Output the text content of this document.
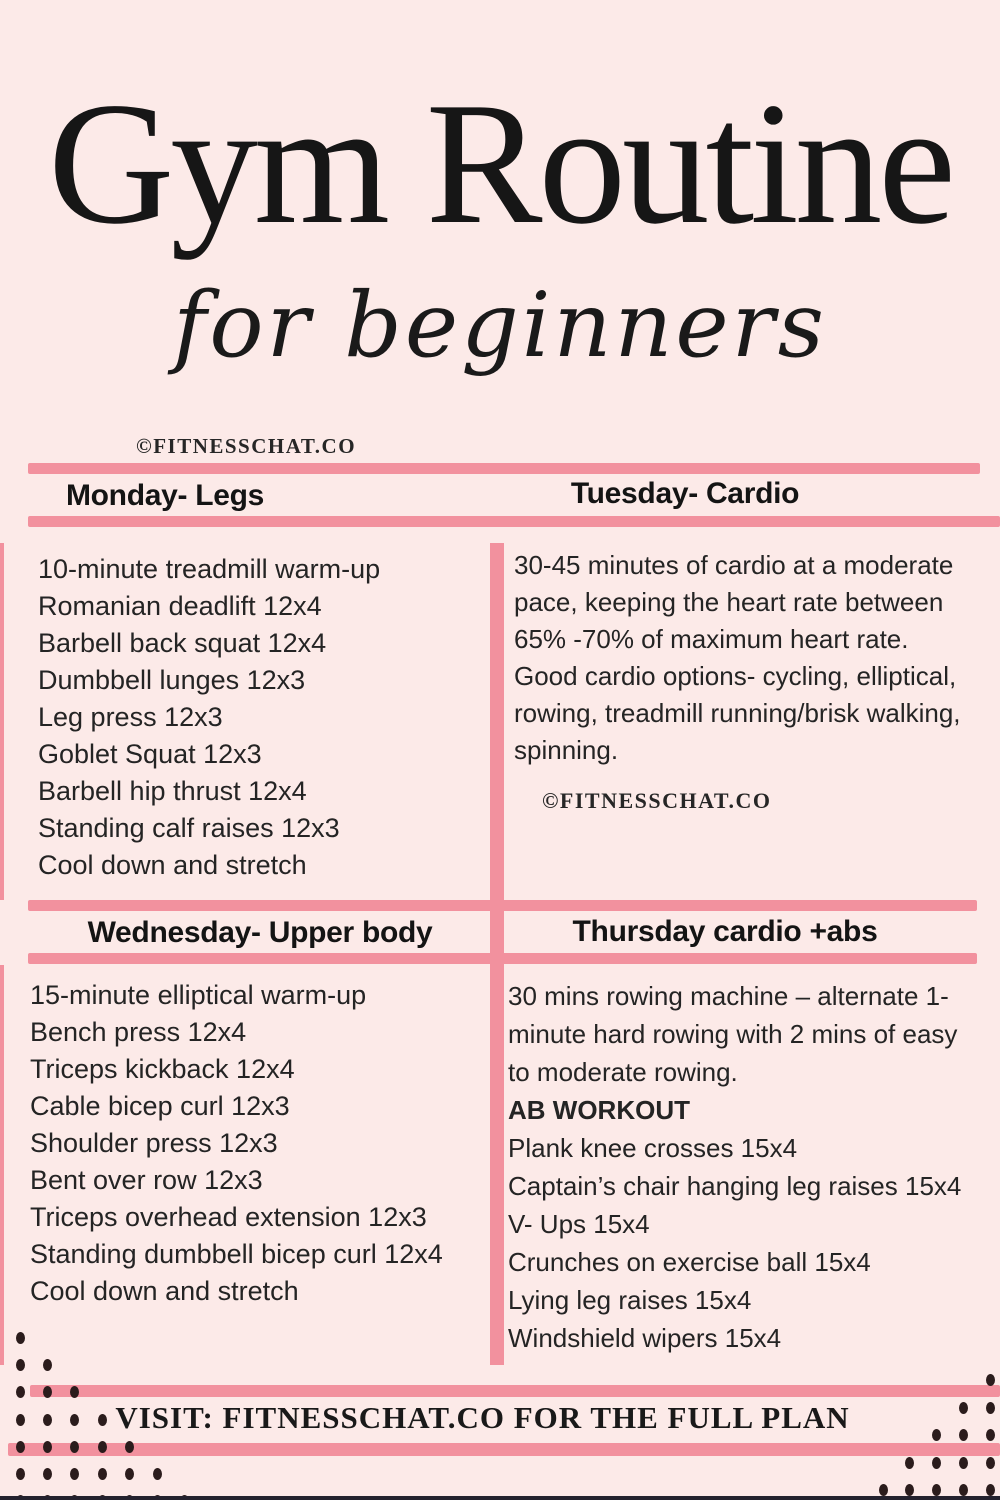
Gym Routine
for beginners
©FITNESSCHAT.CO
Monday- Legs	Tuesday- Cardio
10-minute treadmill warm-up
Romanian deadlift 12x4
Barbell back squat 12x4
Dumbbell lunges 12x3
Leg press 12x3
Goblet Squat 12x3
Barbell hip thrust 12x4
Standing calf raises 12x3
Cool down and stretch
30-45 minutes of cardio at a moderate pace, keeping the heart rate between 65% -70% of maximum heart rate.
Good cardio options- cycling, elliptical, rowing, treadmill running/brisk walking, spinning.
©FITNESSCHAT.CO
Wednesday- Upper body	Thursday cardio +abs
15-minute elliptical warm-up
Bench press 12x4
Triceps kickback 12x4
Cable bicep curl 12x3
Shoulder press 12x3
Bent over row 12x3
Triceps overhead extension 12x3
Standing dumbbell bicep curl 12x4
Cool down and stretch
30 mins rowing machine – alternate 1-minute hard rowing with 2 mins of easy to moderate rowing.
AB WORKOUT
Plank knee crosses 15x4
Captain’s chair hanging leg raises 15x4
V- Ups 15x4
Crunches on exercise ball 15x4
Lying leg raises 15x4
Windshield wipers 15x4
VISIT: FITNESSCHAT.CO FOR THE FULL PLAN
